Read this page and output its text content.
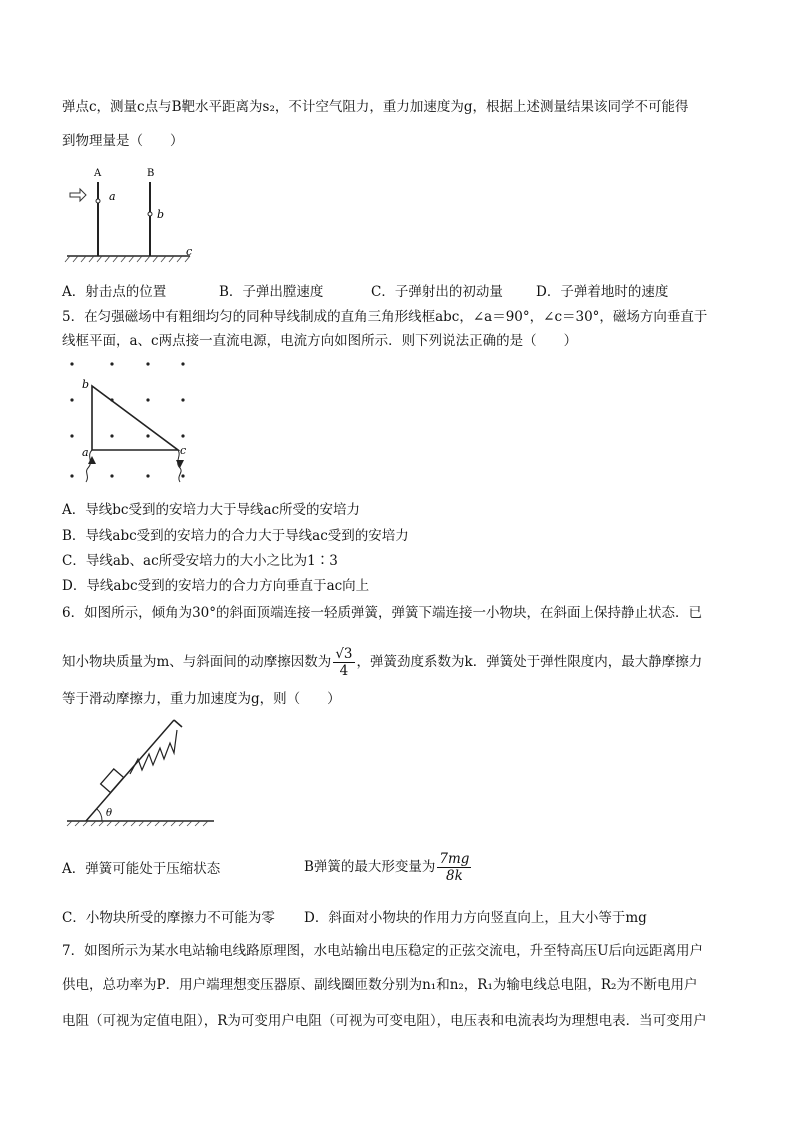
弹点c，测量c点与B靶水平距离为s₂，不计空气阻力，重力加速度为g，根据上述测量结果该同学不可能得
到物理量是（　　）
A	B
a
b
c
A．射击点的位置	B．子弹出膛速度	C．子弹射出的初动量 D．子弹着地时的速度
5．在匀强磁场中有粗细均匀的同种导线制成的直角三角形线框abc，∠a＝90°，∠c＝30°，磁场方向垂直于
线框平面，a、c两点接一直流电源，电流方向如图所示．则下列说法正确的是（　　）
b
a	c
A．导线bc受到的安培力大于导线ac所受的安培力
B．导线abc受到的安培力的合力大于导线ac受到的安培力
C．导线ab、ac所受安培力的大小之比为1∶3
D．导线abc受到的安培力的合力方向垂直于ac向上
6．如图所示，倾角为30°的斜面顶端连接一轻质弹簧，弹簧下端连接一小物块，在斜面上保持静止状态．已
知小物块质量为m、与斜面间的动摩擦因数为 $\frac{√3}{4}$ ，弹簧劲度系数为k．弹簧处于弹性限度内，最大静摩擦力
等于滑动摩擦力，重力加速度为g，则（　　）
θ
A．弹簧可能处于压缩状态	B弹簧的最大形变量为 $\frac{7mg}{8k}$
C．小物块所受的摩擦力不可能为零 D．斜面对小物块的作用力方向竖直向上，且大小等于mg
7．如图所示为某水电站输电线路原理图，水电站输出电压稳定的正弦交流电，升至特高压U后向远距离用户
供电，总功率为P．用户端理想变压器原、副线圈匝数分别为n₁和n₂，R₁为输电线总电阻，R₂为不断电用户
电阻（可视为定值电阻），R为可变用户电阻（可视为可变电阻），电压表和电流表均为理想电表．当可变用户
